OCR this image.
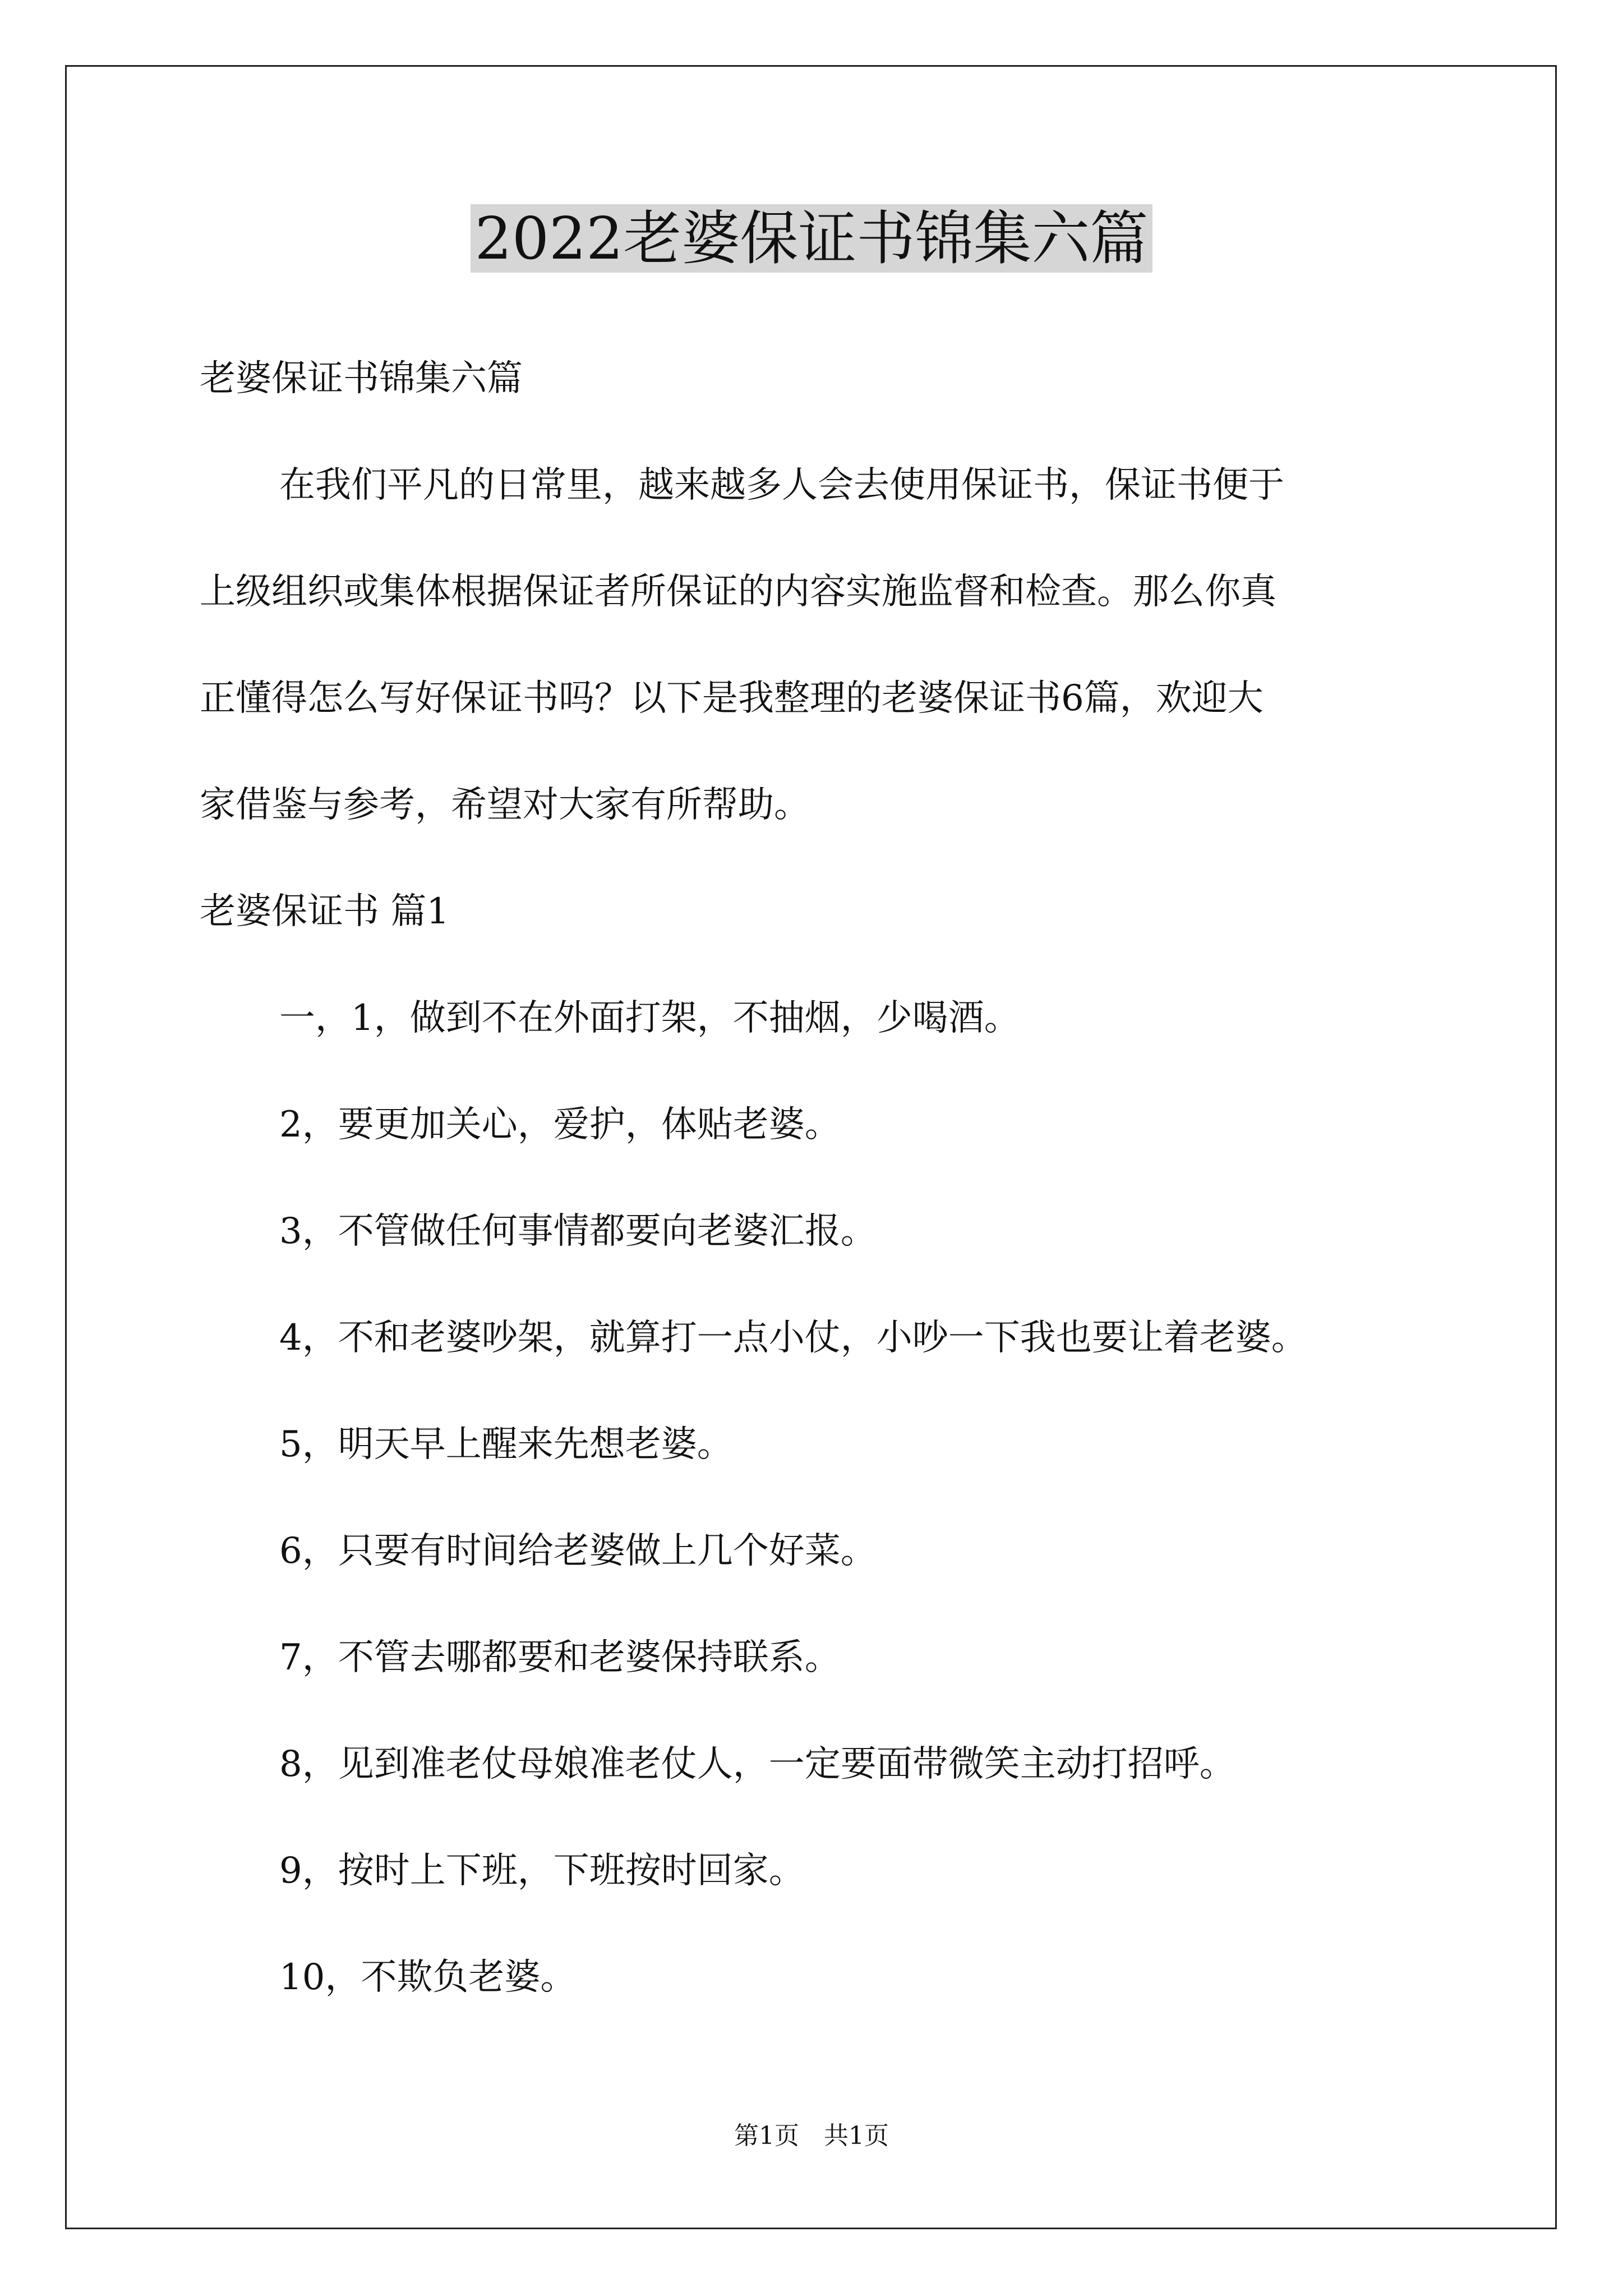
2022老婆保证书锦集六篇
老婆保证书锦集六篇
在我们平凡的日常里，越来越多人会去使用保证书，保证书便于
上级组织或集体根据保证者所保证的内容实施监督和检查。那么你真
正懂得怎么写好保证书吗？以下是我整理的老婆保证书6篇，欢迎大
家借鉴与参考，希望对大家有所帮助。
老婆保证书 篇1
一，1，做到不在外面打架，不抽烟，少喝酒。
2，要更加关心，爱护，体贴老婆。
3，不管做任何事情都要向老婆汇报。
4，不和老婆吵架，就算打一点小仗，小吵一下我也要让着老婆。
5，明天早上醒来先想老婆。
6，只要有时间给老婆做上几个好菜。
7，不管去哪都要和老婆保持联系。
8，见到准老仗母娘准老仗人，一定要面带微笑主动打招呼。
9，按时上下班，下班按时回家。
10，不欺负老婆。
第1页　共1页
